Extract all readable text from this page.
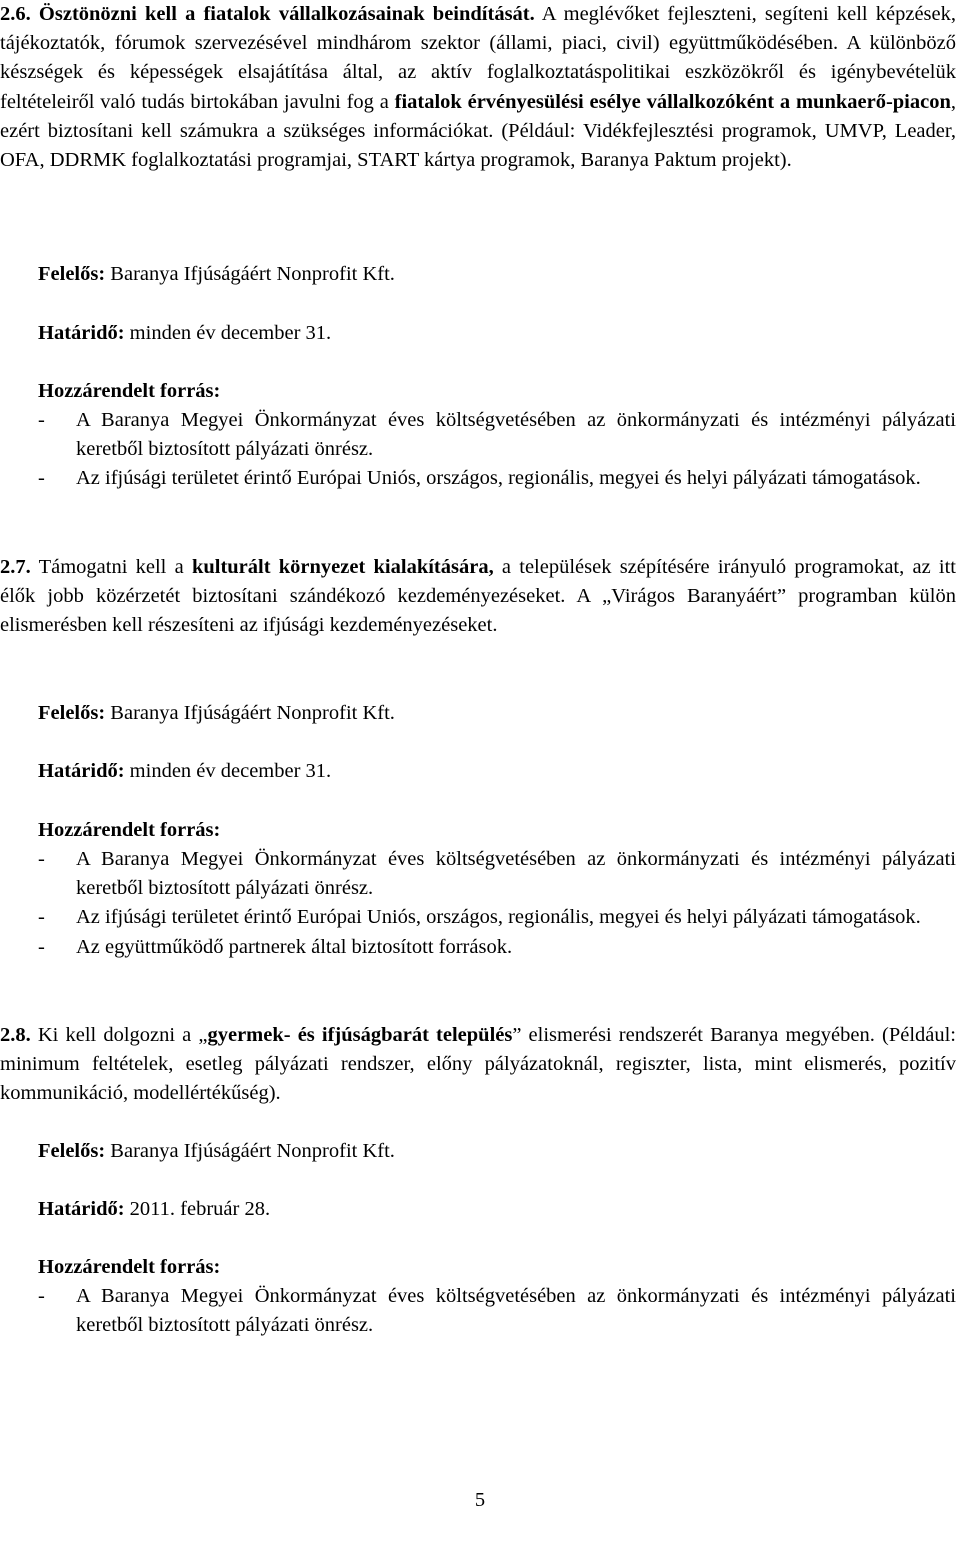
2.6. Ösztönözni kell a fiatalok vállalkozásainak beindítását. A meglévőket fejleszteni, segíteni kell képzések, tájékoztatók, fórumok szervezésével mindhárom szektor (állami, piaci, civil) együttműködésében. A különböző készségek és képességek elsajátítása által, az aktív foglalkoztatáspolitikai eszközökről és igénybevételük feltételeiről való tudás birtokában javulni fog a fiatalok érvényesülési esélye vállalkozóként a munkaerő-piacon, ezért biztosítani kell számukra a szükséges információkat. (Például: Vidékfejlesztési programok, UMVP, Leader, OFA, DDRMK foglalkoztatási programjai, START kártya programok, Baranya Paktum projekt).
Felelős: Baranya Ifjúságáért Nonprofit Kft.
Határidő: minden év december 31.
Hozzárendelt forrás:
- A Baranya Megyei Önkormányzat éves költségvetésében az önkormányzati és intézményi pályázati keretből biztosított pályázati önrész.
- Az ifjúsági területet érintő Európai Uniós, országos, regionális, megyei és helyi pályázati támogatások.
2.7. Támogatni kell a kulturált környezet kialakítására, a települések szépítésére irányuló programokat, az itt élők jobb közérzetét biztosítani szándékozó kezdeményezéseket. A „Virágos Baranyáért” programban külön elismerésben kell részesíteni az ifjúsági kezdeményezéseket.
Felelős: Baranya Ifjúságáért Nonprofit Kft.
Határidő: minden év december 31.
Hozzárendelt forrás:
- A Baranya Megyei Önkormányzat éves költségvetésében az önkormányzati és intézményi pályázati keretből biztosított pályázati önrész.
- Az ifjúsági területet érintő Európai Uniós, országos, regionális, megyei és helyi pályázati támogatások.
- Az együttműködő partnerek által biztosított források.
2.8. Ki kell dolgozni a „gyermek- és ifjúságbarát település” elismerési rendszerét Baranya megyében. (Például: minimum feltételek, esetleg pályázati rendszer, előny pályázatoknál, regiszter, lista, mint elismerés, pozitív kommunikáció, modellértékűség).
Felelős: Baranya Ifjúságáért Nonprofit Kft.
Határidő: 2011. február 28.
Hozzárendelt forrás:
- A Baranya Megyei Önkormányzat éves költségvetésében az önkormányzati és intézményi pályázati keretből biztosított pályázati önrész.
5
